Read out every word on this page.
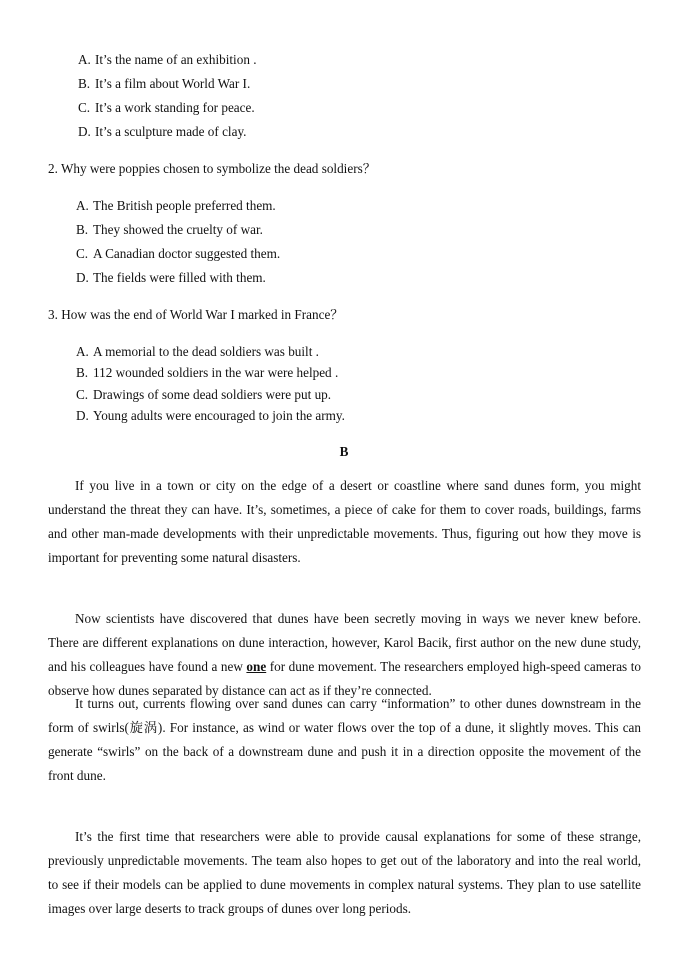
A. It’s the name of an exhibition .
B. It’s a film about World War I.
C. It’s a work standing for peace.
D. It’s a sculpture made of clay.
2. Why were poppies chosen to symbolize the dead soldiers？
A. The British people preferred them.
B. They showed the cruelty of war.
C. A Canadian doctor suggested them.
D. The fields were filled with them.
3. How was the end of World War I marked in France？
A. A memorial to the dead soldiers was built .
B. 112 wounded soldiers in the war were helped .
C. Drawings of some dead soldiers were put up.
D. Young adults were encouraged to join the army.
B
If you live in a town or city on the edge of a desert or coastline where sand dunes form, you might understand the threat they can have. It’s, sometimes, a piece of cake for them to cover roads, buildings, farms and other man-made developments with their unpredictable movements. Thus, figuring out how they move is important for preventing some natural disasters.
Now scientists have discovered that dunes have been secretly moving in ways we never knew before. There are different explanations on dune interaction, however, Karol Bacik, first author on the new dune study, and his colleagues have found a new one for dune movement. The researchers employed high-speed cameras to observe how dunes separated by distance can act as if they’re connected.
It turns out, currents flowing over sand dunes can carry “information” to other dunes downstream in the form of swirls(旋涡). For instance, as wind or water flows over the top of a dune, it slightly moves. This can generate “swirls” on the back of a downstream dune and push it in a direction opposite the movement of the front dune.
It’s the first time that researchers were able to provide causal explanations for some of these strange, previously unpredictable movements. The team also hopes to get out of the laboratory and into the real world, to see if their models can be applied to dune movements in complex natural systems. They plan to use satellite images over large deserts to track groups of dunes over long periods.
